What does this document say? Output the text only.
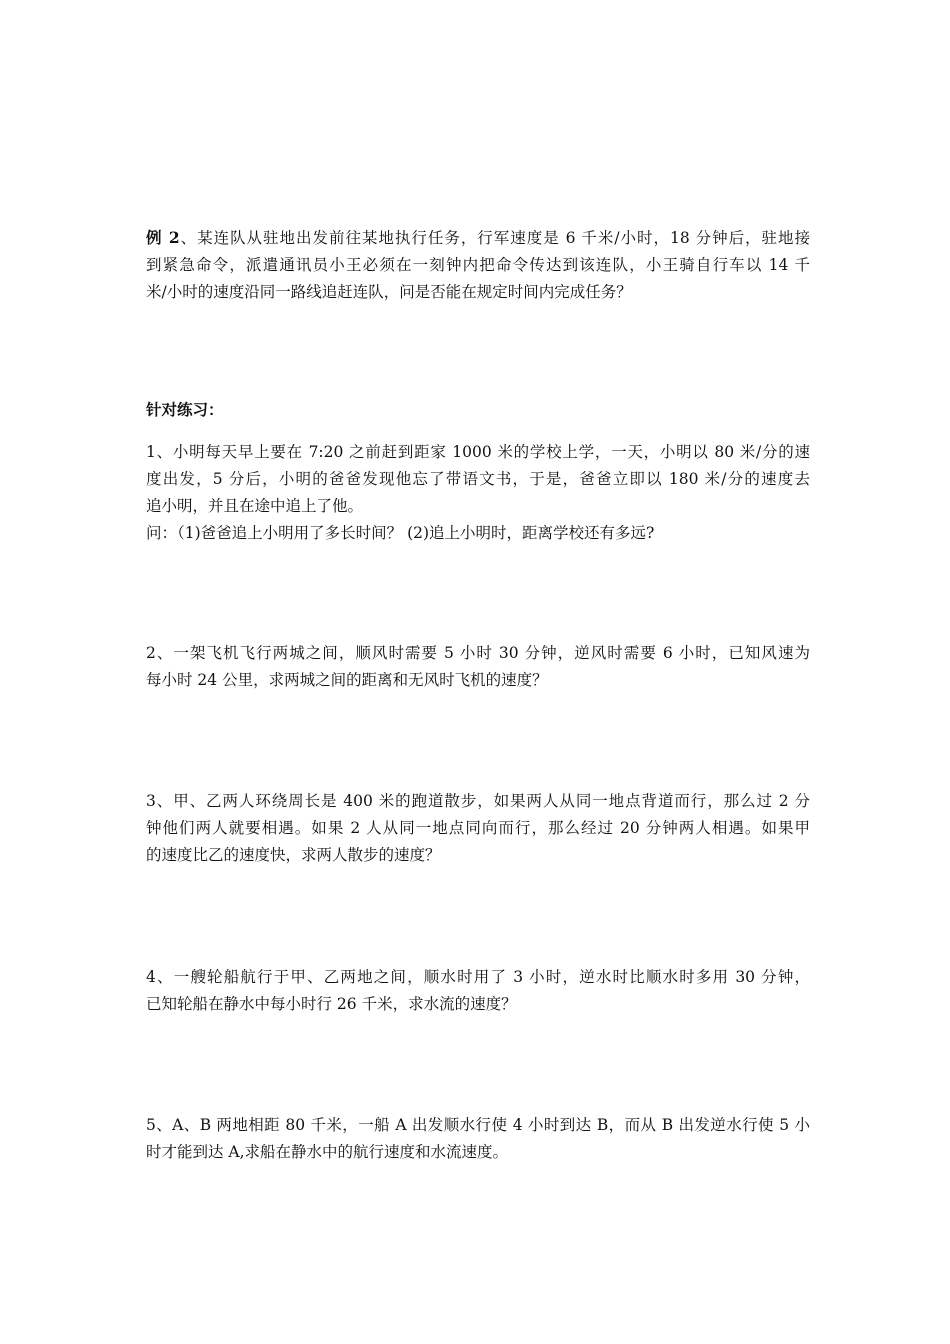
例 2、某连队从驻地出发前往某地执行任务，行军速度是 6 千米/小时，18 分钟后，驻地接
到紧急命令，派遣通讯员小王必须在一刻钟内把命令传达到该连队，小王骑自行车以 14 千
米/小时的速度沿同一路线追赶连队，问是否能在规定时间内完成任务？
针对练习：
1、小明每天早上要在 7:20 之前赶到距家 1000 米的学校上学，一天，小明以 80 米/分的速
度出发，5 分后，小明的爸爸发现他忘了带语文书，于是，爸爸立即以 180 米/分的速度去
追小明，并且在途中追上了他。
问：（1)爸爸追上小明用了多长时间？ (2)追上小明时，距离学校还有多远?
2、一架飞机飞行两城之间，顺风时需要 5 小时 30 分钟，逆风时需要 6 小时，已知风速为
每小时 24 公里，求两城之间的距离和无风时飞机的速度？
3、甲、乙两人环绕周长是 400 米的跑道散步，如果两人从同一地点背道而行，那么过 2 分
钟他们两人就要相遇。如果 2 人从同一地点同向而行，那么经过 20 分钟两人相遇。如果甲
的速度比乙的速度快，求两人散步的速度？
4、一艘轮船航行于甲、乙两地之间，顺水时用了 3 小时，逆水时比顺水时多用 30 分钟，
已知轮船在静水中每小时行 26 千米，求水流的速度？
5、A、B 两地相距 80 千米，一船 A 出发顺水行使 4 小时到达 B，而从 B 出发逆水行使 5 小
时才能到达 A,求船在静水中的航行速度和水流速度。
